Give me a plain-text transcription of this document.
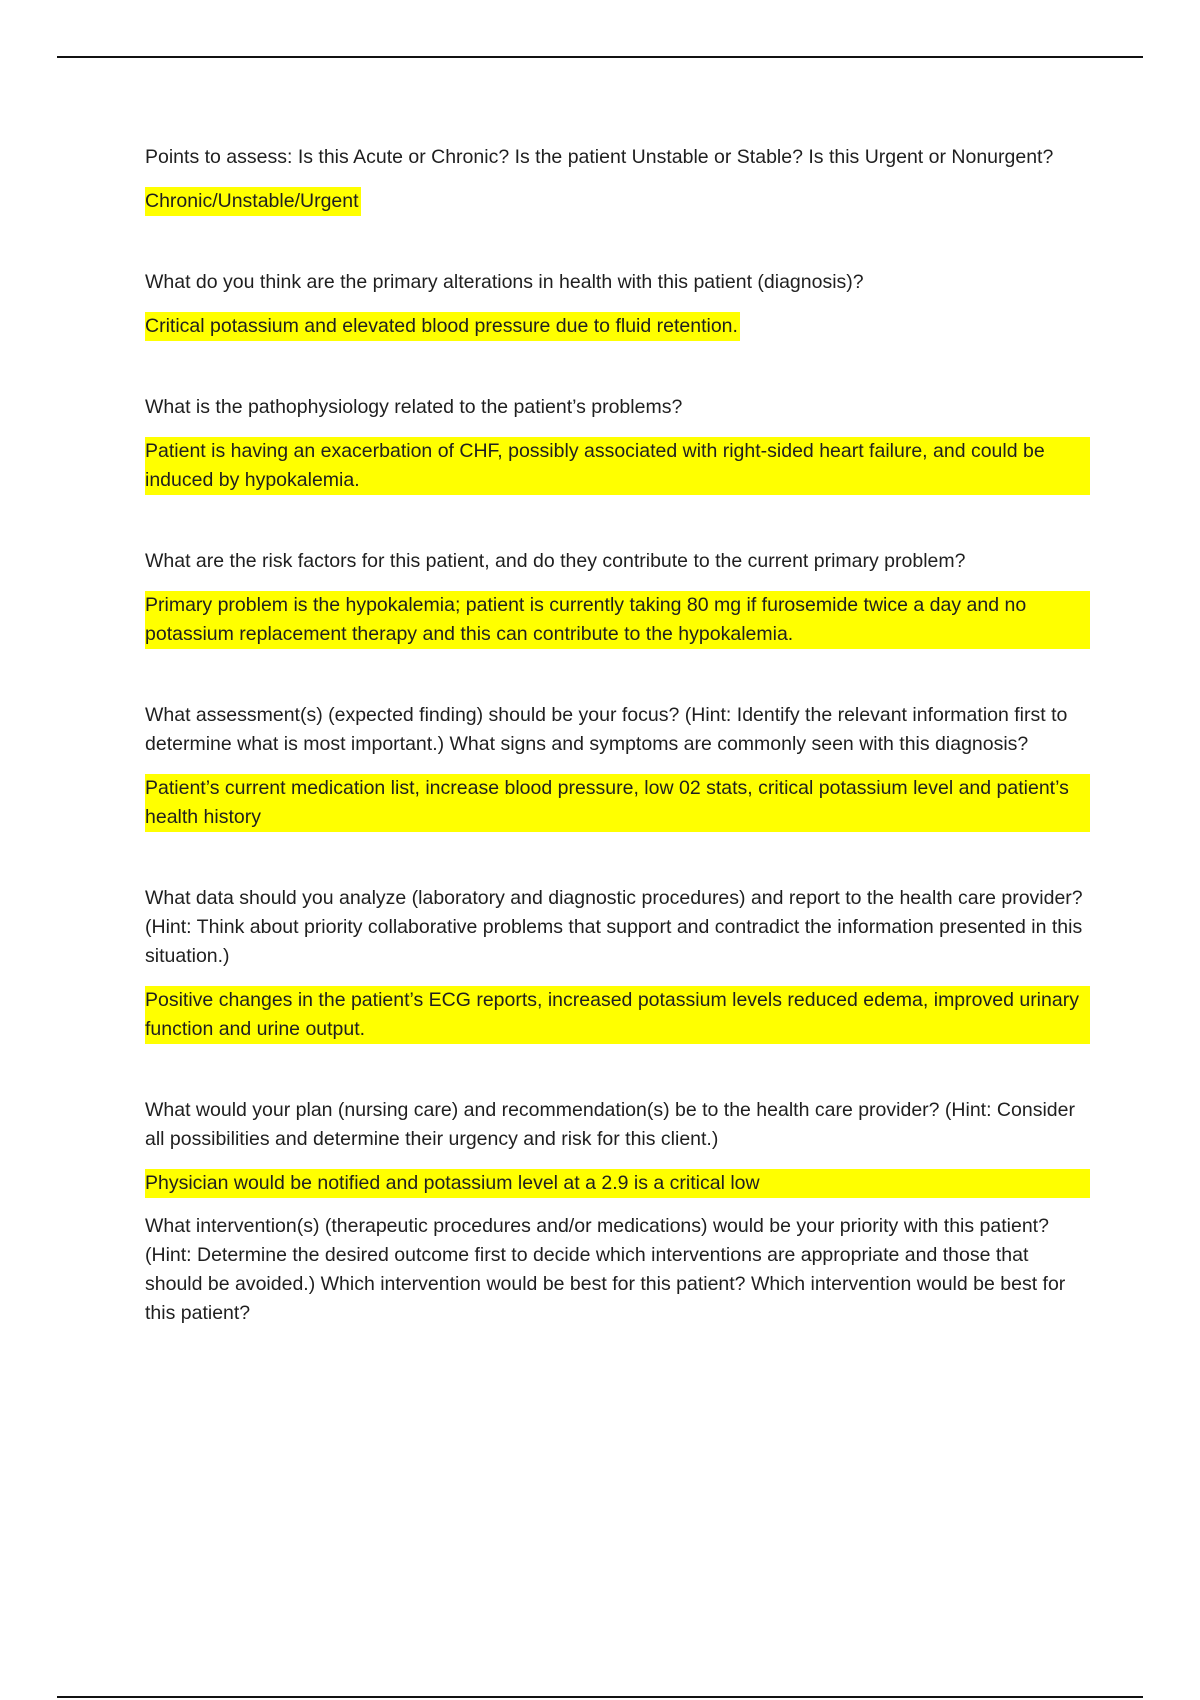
Points to assess: Is this Acute or Chronic? Is the patient Unstable or Stable? Is this Urgent or Nonurgent?

Chronic/Unstable/Urgent

What do you think are the primary alterations in health with this patient (diagnosis)?

Critical potassium and elevated blood pressure due to fluid retention.

What is the pathophysiology related to the patient’s problems?

Patient is having an exacerbation of CHF, possibly associated with right-sided heart failure, and could be induced by hypokalemia.

What are the risk factors for this patient, and do they contribute to the current primary problem?

Primary problem is the hypokalemia; patient is currently taking 80 mg if furosemide twice a day and no potassium replacement therapy and this can contribute to the hypokalemia.

What assessment(s) (expected finding) should be your focus? (Hint: Identify the relevant information first to determine what is most important.) What signs and symptoms are commonly seen with this diagnosis?

Patient’s current medication list, increase blood pressure, low 02 stats, critical potassium level and patient’s health history

What data should you analyze (laboratory and diagnostic procedures) and report to the health care provider? (Hint: Think about priority collaborative problems that support and contradict the information presented in this situation.)

Positive changes in the patient’s ECG reports, increased potassium levels reduced edema, improved urinary function and urine output.

What would your plan (nursing care) and recommendation(s) be to the health care provider? (Hint: Consider all possibilities and determine their urgency and risk for this client.)

Physician would be notified and potassium level at a 2.9 is a critical low

What intervention(s) (therapeutic procedures and/or medications) would be your priority with this patient? (Hint: Determine the desired outcome first to decide which interventions are appropriate and those that should be avoided.) Which intervention would be best for this patient? Which intervention would be best for this patient?
